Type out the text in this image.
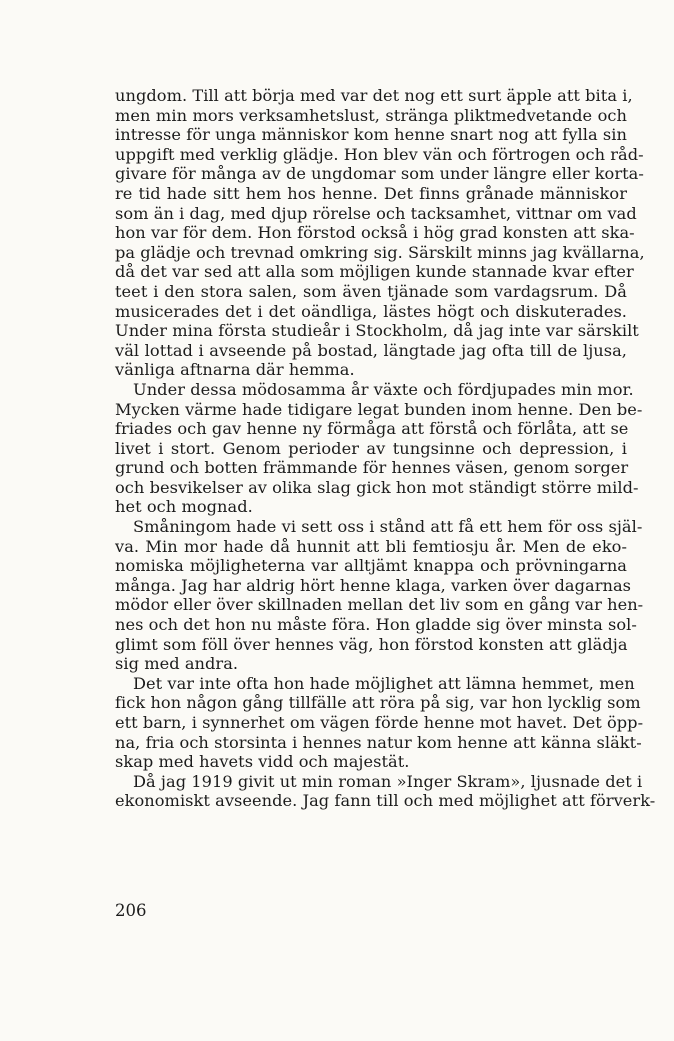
ungdom. Till att börja med var det nog ett surt äpple att bita i,
men min mors verksamhetslust, stränga pliktmedvetande och
intresse för unga människor kom henne snart nog att fylla sin
uppgift med verklig glädje. Hon blev vän och förtrogen och råd-
givare för många av de ungdomar som under längre eller korta-
re tid hade sitt hem hos henne. Det finns grånade människor
som än i dag, med djup rörelse och tacksamhet, vittnar om vad
hon var för dem. Hon förstod också i hög grad konsten att ska-
pa glädje och trevnad omkring sig. Särskilt minns jag kvällarna,
då det var sed att alla som möjligen kunde stannade kvar efter
teet i den stora salen, som även tjänade som vardagsrum. Då
musicerades det i det oändliga, lästes högt och diskuterades.
Under mina första studieår i Stockholm, då jag inte var särskilt
väl lottad i avseende på bostad, längtade jag ofta till de ljusa,
vänliga aftnarna där hemma.
Under dessa mödosamma år växte och fördjupades min mor.
Mycken värme hade tidigare legat bunden inom henne. Den be-
friades och gav henne ny förmåga att förstå och förlåta, att se
livet i stort. Genom perioder av tungsinne och depression, i
grund och botten främmande för hennes väsen, genom sorger
och besvikelser av olika slag gick hon mot ständigt större mild-
het och mognad.
Småningom hade vi sett oss i stånd att få ett hem för oss själ-
va. Min mor hade då hunnit att bli femtiosju år. Men de eko-
nomiska möjligheterna var alltjämt knappa och prövningarna
många. Jag har aldrig hört henne klaga, varken över dagarnas
mödor eller över skillnaden mellan det liv som en gång var hen-
nes och det hon nu måste föra. Hon gladde sig över minsta sol-
glimt som föll över hennes väg, hon förstod konsten att glädja
sig med andra.
Det var inte ofta hon hade möjlighet att lämna hemmet, men
fick hon någon gång tillfälle att röra på sig, var hon lycklig som
ett barn, i synnerhet om vägen förde henne mot havet. Det öpp-
na, fria och storsinta i hennes natur kom henne att känna släkt-
skap med havets vidd och majestät.
Då jag 1919 givit ut min roman »Inger Skram», ljusnade det i
ekonomiskt avseende. Jag fann till och med möjlighet att förverk-
206
